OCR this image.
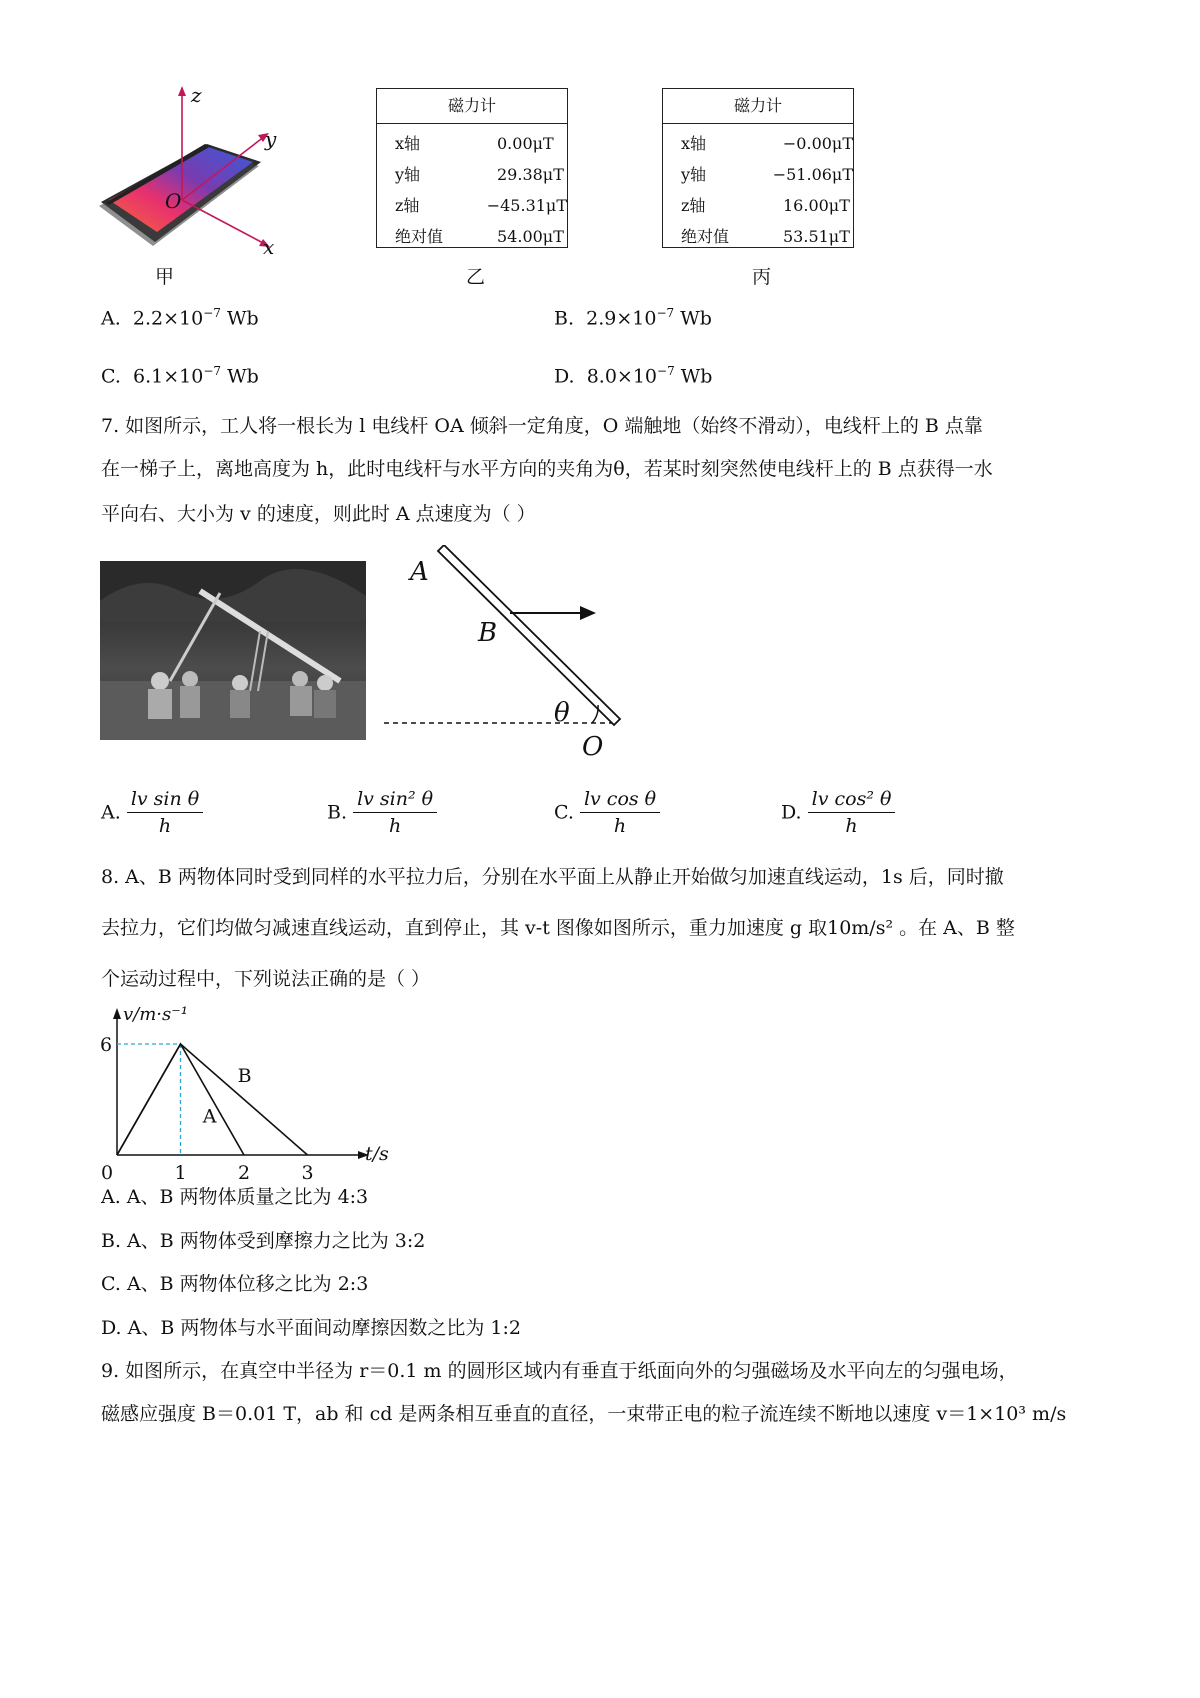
z
y
x
O
甲
磁力计
x轴	0.00μT
y轴	29.38μT
z轴	−45.31μT
绝对值	54.00μT
乙
磁力计
x轴	−0.00μT
y轴	−51.06μT
z轴	16.00μT
绝对值	53.51μT
丙
A. $2.2\times 10^{-7}$ Wb	B. $2.9\times 10^{-7}$ Wb
C. $6.1\times 10^{-7}$ Wb	D. $8.0\times 10^{-7}$ Wb
7. 如图所示，工人将一根长为 l 电线杆 OA 倾斜一定角度，O 端触地（始终不滑动），电线杆上的 B 点靠
在一梯子上，离地高度为 h，此时电线杆与水平方向的夹角为θ，若某时刻突然使电线杆上的 B 点获得一水
平向右、大小为 v 的速度，则此时 A 点速度为（ ）
A
B
θ
O
A. $\frac{\text{lv sin θ}}{h}$	B. $\frac{\text{lv sin² θ}}{h}$	C. $\frac{\text{lv cos θ}}{h}$	D. $\frac{\text{lv cos² θ}}{h}$
8. A、B 两物体同时受到同样的水平拉力后，分别在水平面上从静止开始做匀加速直线运动，1s 后，同时撤
去拉力，它们均做匀减速直线运动，直到停止，其 v-t 图像如图所示，重力加速度 g 取10m/s² 。在 A、B 整
个运动过程中，下列说法正确的是（ ）
A
B
0	1	2	3
6
v/m·s⁻¹
t/s
A. A、B 两物体质量之比为 4:3
B. A、B 两物体受到摩擦力之比为 3:2
C. A、B 两物体位移之比为 2:3
D. A、B 两物体与水平面间动摩擦因数之比为 1:2
9. 如图所示，在真空中半径为 r＝0.1 m 的圆形区域内有垂直于纸面向外的匀强磁场及水平向左的匀强电场，
磁感应强度 B＝0.01 T，ab 和 cd 是两条相互垂直的直径，一束带正电的粒子流连续不断地以速度 v＝1×10³ m/s
